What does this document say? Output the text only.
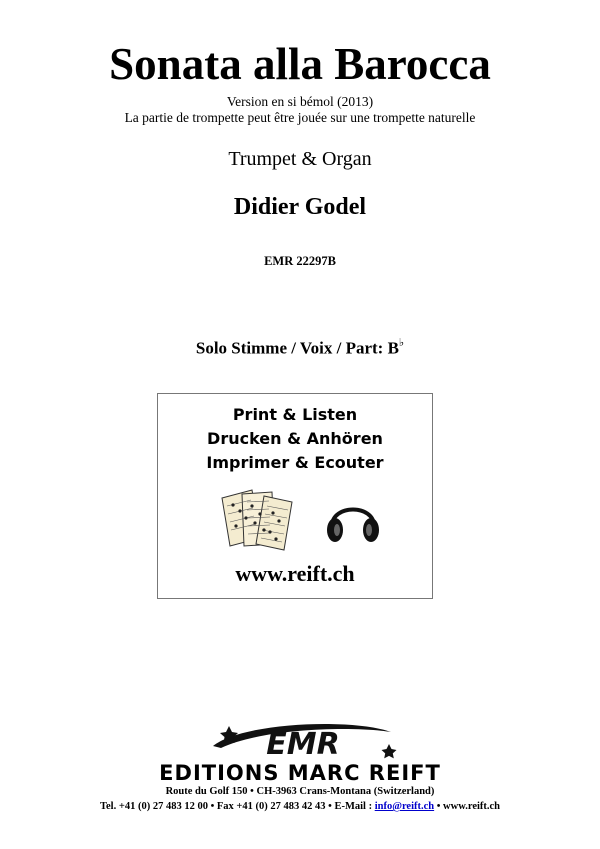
Sonata alla Barocca
Version en si bémol (2013)
La partie de trompette peut être jouée sur une trompette naturelle
Trumpet & Organ
Didier Godel
EMR 22297B
Solo Stimme / Voix / Part: B♭
Print & Listen
Drucken & Anhören
Imprimer & Ecouter
www.reift.ch
EMR
EDITIONS MARC REIFT
Route du Golf 150 • CH-3963 Crans-Montana (Switzerland)
Tel. +41 (0) 27 483 12 00 • Fax +41 (0) 27 483 42 43 • E-Mail : info@reift.ch • www.reift.ch
